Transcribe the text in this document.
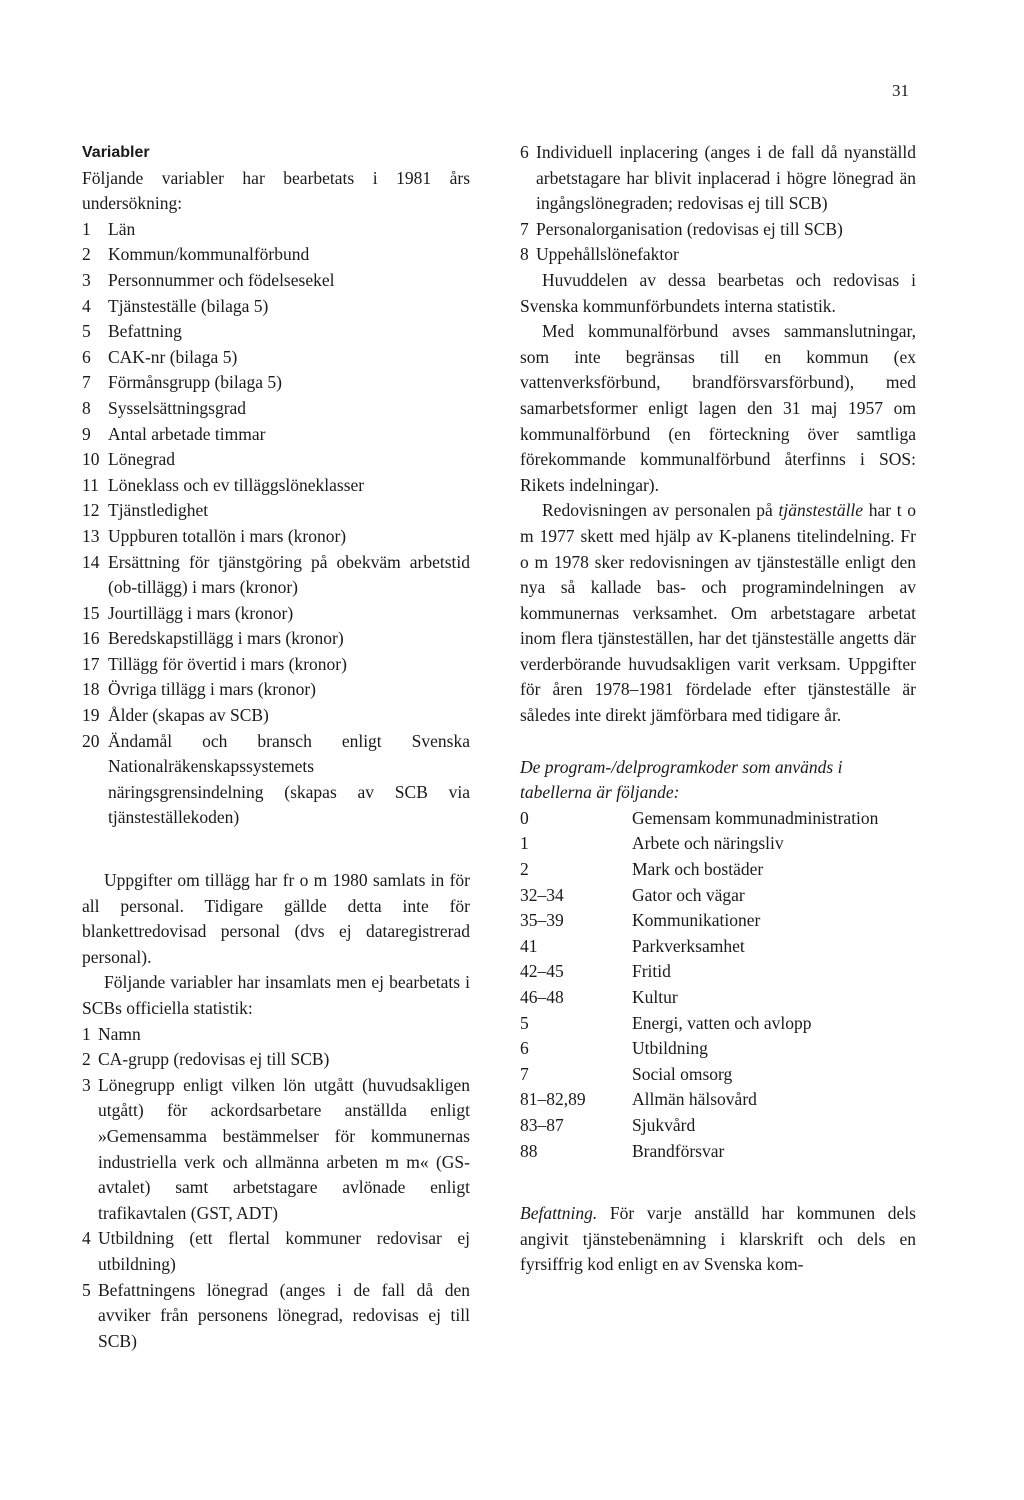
31
Variabler

Följande variabler har bearbetats i 1981 års undersökning:

1 Län
2 Kommun/kommunalförbund
3 Personnummer och födelsesekel
4 Tjänsteställe (bilaga 5)
5 Befattning
6 CAK-nr (bilaga 5)
7 Förmånsgrupp (bilaga 5)
8 Sysselsättningsgrad
9 Antal arbetade timmar
10 Lönegrad
11 Löneklass och ev tilläggslöneklasser
12 Tjänstledighet
13 Uppburen totallön i mars (kronor)
14 Ersättning för tjänstgöring på obekväm arbetstid (ob-tillägg) i mars (kronor)
15 Jourtillägg i mars (kronor)
16 Beredskapstillägg i mars (kronor)
17 Tillägg för övertid i mars (kronor)
18 Övriga tillägg i mars (kronor)
19 Ålder (skapas av SCB)
20 Ändamål och bransch enligt Svenska Nationalräkenskapssystemets näringsgrensindelning (skapas av SCB via tjänsteställekoden)

Uppgifter om tillägg har fr o m 1980 samlats in för all personal. Tidigare gällde detta inte för blankettredovisad personal (dvs ej dataregistrerad personal).

Följande variabler har insamlats men ej bearbetats i SCBs officiella statistik:

1 Namn
2 CA-grupp (redovisas ej till SCB)
3 Lönegrupp enligt vilken lön utgått (huvudsakligen utgått) för ackordsarbetare anställda enligt »Gemensamma bestämmelser för kommunernas industriella verk och allmänna arbeten m m« (GS-avtalet) samt arbetstagare avlönade enligt trafikavtalen (GST, ADT)
4 Utbildning (ett flertal kommuner redovisar ej utbildning)
5 Befattningens lönegrad (anges i de fall då den avviker från personens lönegrad, redovisas ej till SCB)
6 Individuell inplacering (anges i de fall då nyanställd arbetstagare har blivit inplacerad i högre lönegrad än ingångslönegraden; redovisas ej till SCB)
7 Personalorganisation (redovisas ej till SCB)
8 Uppehållslönefaktor

Huvuddelen av dessa bearbetas och redovisas i Svenska kommunförbundets interna statistik.

Med kommunalförbund avses sammanslutningar, som inte begränsas till en kommun (ex vattenverksförbund, brandförsvarsförbund), med samarbetsformer enligt lagen den 31 maj 1957 om kommunalförbund (en förteckning över samtliga förekommande kommunalförbund återfinns i SOS: Rikets indelningar).

Redovisningen av personalen på tjänsteställe har t o m 1977 skett med hjälp av K-planens titelindelning. Fr o m 1978 sker redovisningen av tjänsteställe enligt den nya så kallade bas- och programindelningen av kommunernas verksamhet. Om arbetstagare arbetat inom flera tjänsteställen, har det tjänsteställe angetts där verderbörande huvudsakligen varit verksam. Uppgifter för åren 1978–1981 fördelade efter tjänsteställe är således inte direkt jämförbara med tidigare år.

De program-/delprogramkoder som används i tabellerna är följande:

0	Gemensam kommunadministration
1	Arbete och näringsliv
2	Mark och bostäder
32–34	Gator och vägar
35–39	Kommunikationer
41	Parkverksamhet
42–45	Fritid
46–48	Kultur
5	Energi, vatten och avlopp
6	Utbildning
7	Social omsorg
81–82,89	Allmän hälsovård
83–87	Sjukvård
88	Brandförsvar

Befattning. För varje anställd har kommunen dels angivit tjänstebenämning i klarskrift och dels en fyrsiffrig kod enligt en av Svenska kom-
